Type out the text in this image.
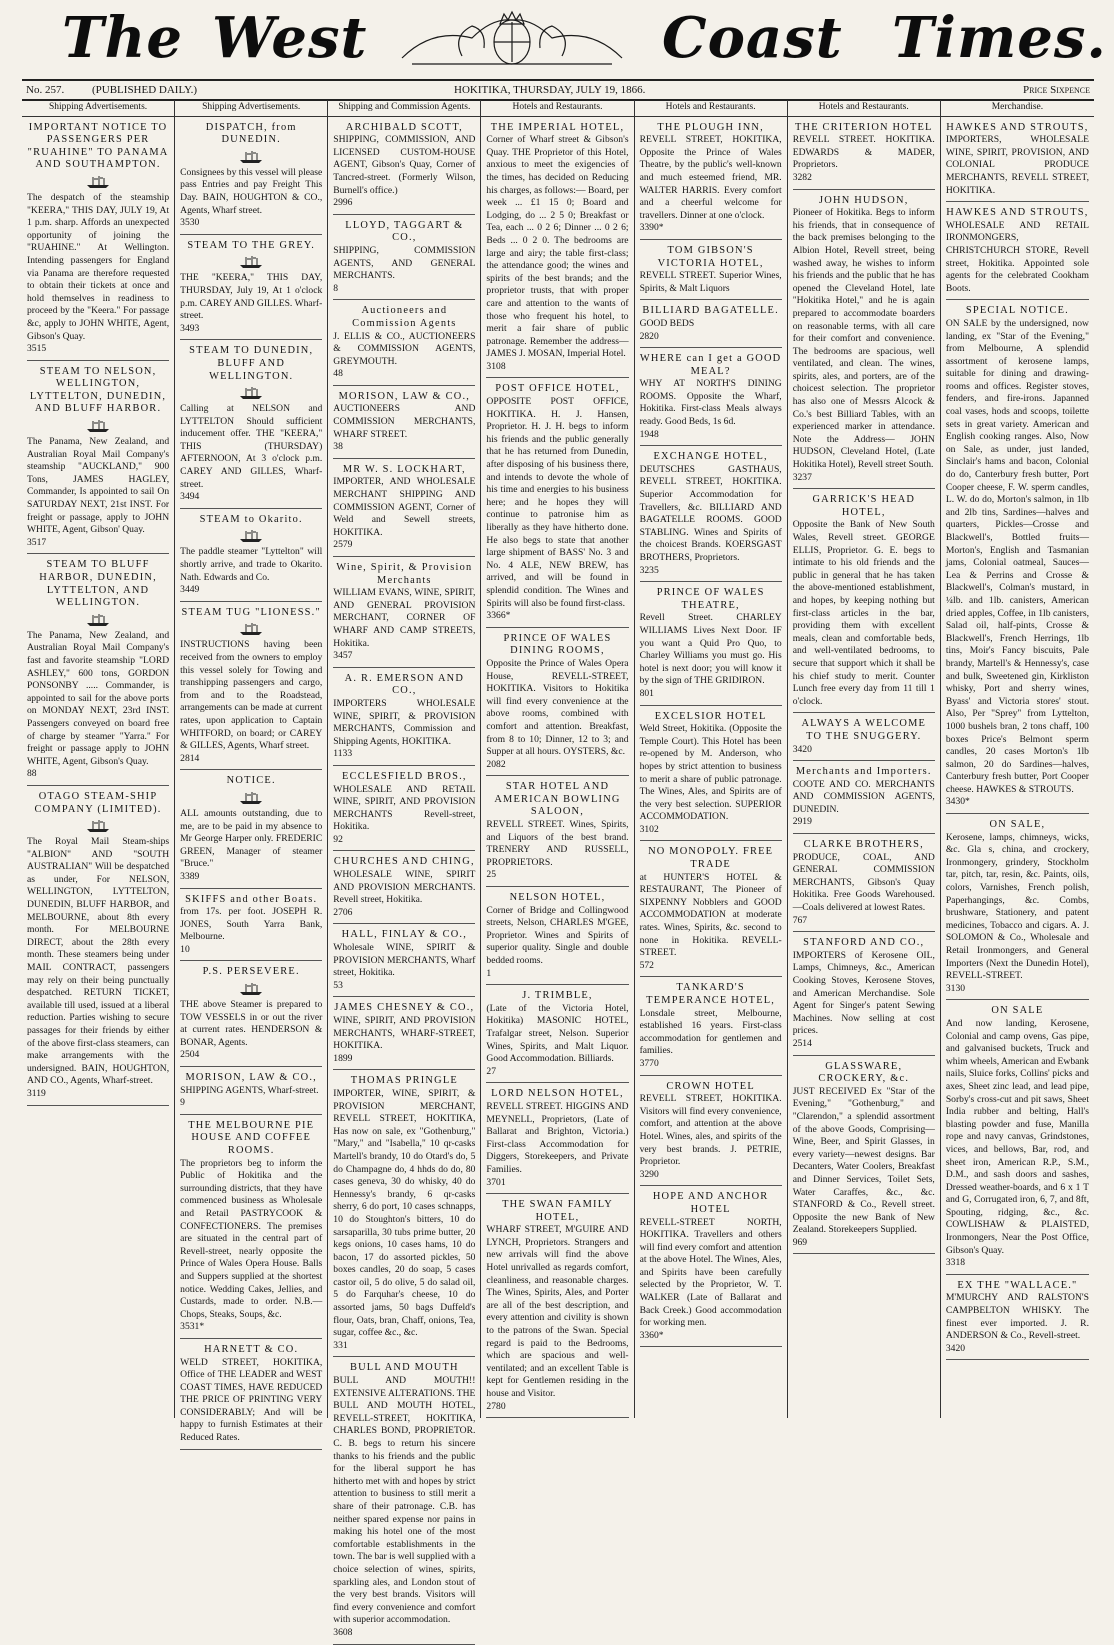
The West	Coast Times.
No. 257.	(PUBLISHED DAILY.)	HOKITIKA, THURSDAY, JULY 19, 1866.	Price Sixpence
Shipping Advertisements.
IMPORTANT NOTICE TO PASSENGERS PER "RUAHINE" TO PANAMA AND SOUTHAMPTON.
The despatch of the steamship "KEERA," THIS DAY, JULY 19, At 1 p.m. sharp. Affords an unexpected opportunity of joining the "RUAHINE." At Wellington. Intending passengers for England via Panama are therefore requested to obtain their tickets at once and hold themselves in readiness to proceed by the "Keera." For passage &c, apply to JOHN WHITE, Agent, Gibson's Quay.
3515
STEAM TO NELSON, WELLINGTON, LYTTELTON, DUNEDIN, AND BLUFF HARBOR.
The Panama, New Zealand, and Australian Royal Mail Company's steamship "AUCKLAND," 900 Tons, JAMES HAGLEY, Commander, Is appointed to sail On SATURDAY NEXT, 21st INST. For freight or passage, apply to JOHN WHITE, Agent, Gibson' Quay.
3517
STEAM TO BLUFF HARBOR, DUNEDIN, LYTTELTON, AND WELLINGTON.
The Panama, New Zealand, and Australian Royal Mail Company's fast and favorite steamship "LORD ASHLEY," 600 tons, GORDON PONSONBY ..... Commander, is appointed to sail for the above ports on MONDAY NEXT, 23rd INST. Passengers conveyed on board free of charge by steamer "Yarra." For freight or passage apply to JOHN WHITE, Agent, Gibson's Quay.
88
OTAGO STEAM-SHIP COMPANY (LIMITED).
The Royal Mail Steam-ships "ALBION" AND "SOUTH AUSTRALIAN" Will be despatched as under, For NELSON, WELLINGTON, LYTTELTON, DUNEDIN, BLUFF HARBOR, and MELBOURNE, about 8th every month. For MELBOURNE DIRECT, about the 28th every month. These steamers being under MAIL CONTRACT, passengers may rely on their being punctually despatched. RETURN TICKET, available till used, issued at a liberal reduction. Parties wishing to secure passages for their friends by either of the above first-class steamers, can make arrangements with the undersigned. BAIN, HOUGHTON, AND CO., Agents, Wharf-street.
3119
Shipping Advertisements.
DISPATCH, from DUNEDIN.
Consignees by this vessel will please pass Entries and pay Freight This Day. BAIN, HOUGHTON & CO., Agents, Wharf street.
3530
STEAM TO THE GREY.
THE "KEERA," THIS DAY, THURSDAY, July 19, At 1 o'clock p.m. CAREY AND GILLES. Wharf-street.
3493
STEAM TO DUNEDIN, BLUFF AND WELLINGTON.
Calling at NELSON and LYTTELTON Should sufficient inducement offer. THE "KEERA," THIS (THURSDAY) AFTERNOON, At 3 o'clock p.m. CAREY AND GILLES, Wharf-street.
3494
STEAM to Okarito.
The paddle steamer "Lyttelton" will shortly arrive, and trade to Okarito. Nath. Edwards and Co.
3449
STEAM TUG "LIONESS."
INSTRUCTIONS having been received from the owners to employ this vessel solely for Towing and transhipping passengers and cargo, from and to the Roadstead, arrangements can be made at current rates, upon application to Captain WHITFORD, on board; or CAREY & GILLES, Agents, Wharf street.
2814
NOTICE.
ALL amounts outstanding, due to me, are to be paid in my absence to Mr George Harper only. FREDERIC GREEN, Manager of steamer "Bruce."
3389
SKIFFS and other Boats.
from 17s. per foot. JOSEPH R. JONES, South Yarra Bank, Melbourne.
10
P.S. PERSEVERE.
THE above Steamer is prepared to TOW VESSELS in or out the river at current rates. HENDERSON & BONAR, Agents.
2504
MORISON, LAW & CO.,
SHIPPING AGENTS, Wharf-street.
9
THE MELBOURNE PIE HOUSE AND COFFEE ROOMS.
The proprietors beg to inform the Public of Hokitika and the surrounding districts, that they have commenced business as Wholesale and Retail PASTRYCOOK & CONFECTIONERS. The premises are situated in the central part of Revell-street, nearly opposite the Prince of Wales Opera House. Balls and Suppers supplied at the shortest notice. Wedding Cakes, Jellies, and Custards, made to order. N.B.—Chops, Steaks, Soups, &c.
3531*
HARNETT & CO.
WELD STREET, HOKITIKA, Office of THE LEADER and WEST COAST TIMES, HAVE REDUCED THE PRICE OF PRINTING VERY CONSIDERABLY; And will be happy to furnish Estimates at their Reduced Rates.
Shipping and Commission Agents.
ARCHIBALD SCOTT,
SHIPPING, COMMISSION, AND LICENSED CUSTOM-HOUSE AGENT, Gibson's Quay, Corner of Tancred-street. (Formerly Wilson, Burnell's office.)
2996
LLOYD, TAGGART & CO.,
SHIPPING, COMMISSION AGENTS, AND GENERAL MERCHANTS.
8
Auctioneers and Commission Agents
J. ELLIS & CO., AUCTIONEERS & COMMISSION AGENTS, GREYMOUTH.
48
MORISON, LAW & CO.,
AUCTIONEERS AND COMMISSION MERCHANTS, WHARF STREET.
38
MR W. S. LOCKHART,
IMPORTER, AND WHOLESALE MERCHANT SHIPPING AND COMMISSION AGENT, Corner of Weld and Sewell streets, HOKITIKA.
2579
Wine, Spirit, & Provision Merchants
WILLIAM EVANS, WINE, SPIRIT, AND GENERAL PROVISION MERCHANT, CORNER OF WHARF AND CAMP STREETS, Hokitika.
3457
A. R. EMERSON AND CO.,
IMPORTERS WHOLESALE WINE, SPIRIT, & PROVISION MERCHANTS, Commission and Shipping Agents, HOKITIKA.
1133
ECCLESFIELD BROS.,
WHOLESALE AND RETAIL WINE, SPIRIT, AND PROVISION MERCHANTS Revell-street, Hokitika.
92
CHURCHES AND CHING,
WHOLESALE WINE, SPIRIT AND PROVISION MERCHANTS. Revell street, Hokitika.
2706
HALL, FINLAY & CO.,
Wholesale WINE, SPIRIT & PROVISION MERCHANTS, Wharf street, Hokitika.
53
JAMES CHESNEY & CO.,
WINE, SPIRIT, AND PROVISION MERCHANTS, WHARF-STREET, HOKITIKA.
1899
THOMAS PRINGLE
IMPORTER, WINE, SPIRIT, & PROVISION MERCHANT, REVELL STREET, HOKITIKA, Has now on sale, ex "Gothenburg," "Mary," and "Isabella," 10 qr-casks Martell's brandy, 10 do Otard's do, 5 do Champagne do, 4 hhds do do, 80 cases geneva, 30 do whisky, 40 do Hennessy's brandy, 6 qr-casks sherry, 6 do port, 10 cases schnapps, 10 do Stoughton's bitters, 10 do sarsaparilla, 30 tubs prime butter, 20 kegs onions, 10 cases hams, 10 do bacon, 17 do assorted pickles, 50 boxes candles, 20 do soap, 5 cases castor oil, 5 do olive, 5 do salad oil, 5 do Farquhar's cheese, 10 do assorted jams, 50 bags Duffeld's flour, Oats, bran, Chaff, onions, Tea, sugar, coffee &c., &c.
331
BULL AND MOUTH
BULL AND MOUTH!! EXTENSIVE ALTERATIONS. THE BULL AND MOUTH HOTEL, REVELL-STREET, HOKITIKA, CHARLES BOND, PROPRIETOR. C. B. begs to return his sincere thanks to his friends and the public for the liberal support he has hitherto met with and hopes by strict attention to business to still merit a share of their patronage. C.B. has neither spared expense nor pains in making his hotel one of the most comfortable establishments in the town. The bar is well supplied with a choice selection of wines, spirits, sparkling ales, and London stout of the very best brands. Visitors will find every convenience and comfort with superior accommodation.
3608
Hotels and Restaurants.
THE IMPERIAL HOTEL,
Corner of Wharf street & Gibson's Quay. THE Proprietor of this Hotel, anxious to meet the exigencies of the times, has decided on Reducing his charges, as follows:— Board, per week ... £1 15 0; Board and Lodging, do ... 2 5 0; Breakfast or Tea, each ... 0 2 6; Dinner ... 0 2 6; Beds ... 0 2 0. The bedrooms are large and airy; the table first-class; the attendance good; the wines and spirits of the best brands; and the proprietor trusts, that with proper care and attention to the wants of those who frequent his hotel, to merit a fair share of public patronage. Remember the address— JAMES J. MOSAN, Imperial Hotel.
3108
POST OFFICE HOTEL,
OPPOSITE POST OFFICE, HOKITIKA. H. J. Hansen, Proprietor. H. J. H. begs to inform his friends and the public generally that he has returned from Dunedin, after disposing of his business there, and intends to devote the whole of his time and energies to his business here; and he hopes they will continue to patronise him as liberally as they have hitherto done. He also begs to state that another large shipment of BASS' No. 3 and No. 4 ALE, NEW BREW, has arrived, and will be found in splendid condition. The Wines and Spirits will also be found first-class.
3366*
PRINCE OF WALES DINING ROOMS,
Opposite the Prince of Wales Opera House, REVELL-STREET, HOKITIKA. Visitors to Hokitika will find every convenience at the above rooms, combined with comfort and attention. Breakfast, from 8 to 10; Dinner, 12 to 3; and Supper at all hours. OYSTERS, &c.
2082
STAR HOTEL AND AMERICAN BOWLING SALOON,
REVELL STREET. Wines, Spirits, and Liquors of the best brand. TRENERY AND RUSSELL, PROPRIETORS.
25
NELSON HOTEL,
Corner of Bridge and Collingwood streets, Nelson, CHARLES M'GEE, Proprietor. Wines and Spirits of superior quality. Single and double bedded rooms.
1
J. TRIMBLE,
(Late of the Victoria Hotel, Hokitika) MASONIC HOTEL, Trafalgar street, Nelson. Superior Wines, Spirits, and Malt Liquor. Good Accommodation. Billiards.
27
LORD NELSON HOTEL,
REVELL STREET. HIGGINS AND MEYNELL, Proprietors, (Late of Ballarat and Brighton, Victoria.) First-class Accommodation for Diggers, Storekeepers, and Private Families.
3701
THE SWAN FAMILY HOTEL,
WHARF STREET, M'GUIRE AND LYNCH, Proprietors. Strangers and new arrivals will find the above Hotel unrivalled as regards comfort, cleanliness, and reasonable charges. The Wines, Spirits, Ales, and Porter are all of the best description, and every attention and civility is shown to the patrons of the Swan. Special regard is paid to the Bedrooms, which are spacious and well-ventilated; and an excellent Table is kept for Gentlemen residing in the house and Visitor.
2780
Hotels and Restaurants.
THE PLOUGH INN,
REVELL STREET, HOKITIKA, Opposite the Prince of Wales Theatre, by the public's well-known and much esteemed friend, MR. WALTER HARRIS. Every comfort and a cheerful welcome for travellers. Dinner at one o'clock.
3390*
TOM GIBSON'S VICTORIA HOTEL,
REVELL STREET. Superior Wines, Spirits, & Malt Liquors
BILLIARD BAGATELLE.
GOOD BEDS
2820
WHERE can I get a GOOD MEAL?
WHY AT NORTH'S DINING ROOMS. Opposite the Wharf, Hokitika. First-class Meals always ready. Good Beds, 1s 6d.
1948
EXCHANGE HOTEL,
DEUTSCHES GASTHAUS, REVELL STREET, HOKITIKA. Superior Accommodation for Travellers, &c. BILLIARD AND BAGATELLE ROOMS. GOOD STABLING. Wines and Spirits of the choicest Brands. KOERSGAST BROTHERS, Proprietors.
3235
PRINCE OF WALES THEATRE,
Revell Street. CHARLEY WILLIAMS Lives Next Door. IF you want a Quid Pro Quo, to Charley Williams you must go. His hotel is next door; you will know it by the sign of THE GRIDIRON.
801
EXCELSIOR HOTEL
Weld Street, Hokitika. (Opposite the Temple Court). This Hotel has been re-opened by M. Anderson, who hopes by strict attention to business to merit a share of public patronage. The Wines, Ales, and Spirits are of the very best selection. SUPERIOR ACCOMMODATION.
3102
NO MONOPOLY. FREE TRADE
at HUNTER'S HOTEL & RESTAURANT, The Pioneer of SIXPENNY Nobblers and GOOD ACCOMMODATION at moderate rates. Wines, Spirits, &c. second to none in Hokitika. REVELL-STREET.
572
TANKARD'S TEMPERANCE HOTEL,
Lonsdale street, Melbourne, established 16 years. First-class accommodation for gentlemen and families.
3770
CROWN HOTEL
REVELL STREET, HOKITIKA. Visitors will find every convenience, comfort, and attention at the above Hotel. Wines, ales, and spirits of the very best brands. J. PETRIE, Proprietor.
3290
HOPE AND ANCHOR HOTEL
REVELL-STREET NORTH, HOKITIKA. Travellers and others will find every comfort and attention at the above Hotel. The Wines, Ales, and Spirits have been carefully selected by the Proprietor, W. T. WALKER (Late of Ballarat and Back Creek.) Good accommodation for working men.
3360*
Hotels and Restaurants.
THE CRITERION HOTEL
REVELL STREET. HOKITIKA. EDWARDS & MADER, Proprietors.
3282
JOHN HUDSON,
Pioneer of Hokitika. Begs to inform his friends, that in consequence of the back premises belonging to the Albion Hotel, Revell street, being washed away, he wishes to inform his friends and the public that he has opened the Cleveland Hotel, late "Hokitika Hotel," and he is again prepared to accommodate boarders on reasonable terms, with all care for their comfort and convenience. The bedrooms are spacious, well ventilated, and clean. The wines, spirits, ales, and porters, are of the choicest selection. The proprietor has also one of Messrs Alcock & Co.'s best Billiard Tables, with an experienced marker in attendance. Note the Address— JOHN HUDSON, Cleveland Hotel, (Late Hokitika Hotel), Revell street South.
3237
GARRICK'S HEAD HOTEL,
Opposite the Bank of New South Wales, Revell street. GEORGE ELLIS, Proprietor. G. E. begs to intimate to his old friends and the public in general that he has taken the above-mentioned establishment, and hopes, by keeping nothing but first-class articles in the bar, providing them with excellent meals, clean and comfortable beds, and well-ventilated bedrooms, to secure that support which it shall be his chief study to merit. Counter Lunch free every day from 11 till 1 o'clock.
ALWAYS A WELCOME TO THE SNUGGERY.
3420
Merchants and Importers.
COOTE AND CO. MERCHANTS AND COMMISSION AGENTS, DUNEDIN.
2919
CLARKE BROTHERS,
PRODUCE, COAL, AND GENERAL COMMISSION MERCHANTS, Gibson's Quay Hokitika. Free Goods Warehoused.—Coals delivered at lowest Rates.
767
STANFORD AND CO.,
IMPORTERS of Kerosene OIL, Lamps, Chimneys, &c., American Cooking Stoves, Kerosene Stoves, and American Merchandise. Sole Agent for Singer's patent Sewing Machines. Now selling at cost prices.
2514
GLASSWARE, CROCKERY, &c.
JUST RECEIVED Ex "Star of the Evening," "Gothenburg," and "Clarendon," a splendid assortment of the above Goods, Comprising— Wine, Beer, and Spirit Glasses, in every variety—newest designs. Bar Decanters, Water Coolers, Breakfast and Dinner Services, Toilet Sets, Water Caraffes, &c., &c. STANFORD & Co., Revell street. Opposite the new Bank of New Zealand. Storekeepers Supplied.
969
Merchandise.
HAWKES AND STROUTS,
IMPORTERS, WHOLESALE WINE, SPIRIT, PROVISION, AND COLONIAL PRODUCE MERCHANTS, REVELL STREET, HOKITIKA.
HAWKES AND STROUTS,
WHOLESALE AND RETAIL IRONMONGERS, CHRISTCHURCH STORE, Revell street, Hokitika. Appointed sole agents for the celebrated Cookham Boots.
SPECIAL NOTICE.
ON SALE by the undersigned, now landing, ex "Star of the Evening," from Melbourne, A splendid assortment of kerosene lamps, suitable for dining and drawing-rooms and offices. Register stoves, fenders, and fire-irons. Japanned coal vases, hods and scoops, toilette sets in great variety. American and English cooking ranges. Also, Now on Sale, as under, just landed, Sinclair's hams and bacon, Colonial do do, Canterbury fresh butter, Port Cooper cheese, F. W. sperm candles, L. W. do do, Morton's salmon, in 1lb and 2lb tins, Sardines—halves and quarters, Pickles—Crosse and Blackwell's, Bottled fruits—Morton's, English and Tasmanian jams, Colonial oatmeal, Sauces—Lea & Perrins and Crosse & Blackwell's, Colman's mustard, in ¼lb. and 1lb. canisters, American dried apples, Coffee, in 1lb canisters, Salad oil, half-pints, Crosse & Blackwell's, French Herrings, 1lb tins, Moir's Fancy biscuits, Pale brandy, Martell's & Hennessy's, case and bulk, Sweetened gin, Kirkliston whisky, Port and sherry wines, Byass' and Victoria stores' stout. Also, Per "Sprey" from Lyttelton, 1000 bushels bran, 2 tons chaff, 100 boxes Price's Belmont sperm candles, 20 cases Morton's 1lb salmon, 20 do Sardines—halves, Canterbury fresh butter, Port Cooper cheese. HAWKES & STROUTS.
3430*
ON SALE,
Kerosene, lamps, chimneys, wicks, &c. Gla s, china, and crockery, Ironmongery, grindery, Stockholm tar, pitch, tar, resin, &c. Paints, oils, colors, Varnishes, French polish, Paperhangings, &c. Combs, brushware, Stationery, and patent medicines, Tobacco and cigars. A. J. SOLOMON & Co., Wholesale and Retail Ironmongers, and General Importers (Next the Dunedin Hotel), REVELL-STREET.
3130
ON SALE
And now landing, Kerosene, Colonial and camp ovens, Gas pipe, and galvanised buckets, Truck and whim wheels, American and Ewbank nails, Sluice forks, Collins' picks and axes, Sheet zinc lead, and lead pipe, Sorby's cross-cut and pit saws, Sheet India rubber and belting, Hall's blasting powder and fuse, Manilla rope and navy canvas, Grindstones, vices, and bellows, Bar, rod, and sheet iron, American R.P., S.M., D.M., and sash doors and sashes, Dressed weather-boards, and 6 x 1 T and G, Corrugated iron, 6, 7, and 8ft, Spouting, ridging, &c., &c. COWLISHAW & PLAISTED, Ironmongers, Near the Post Office, Gibson's Quay.
3318
EX THE "WALLACE."
M'MURCHY AND RALSTON'S CAMPBELTON WHISKY. The finest ever imported. J. R. ANDERSON & Co., Revell-street.
3420
